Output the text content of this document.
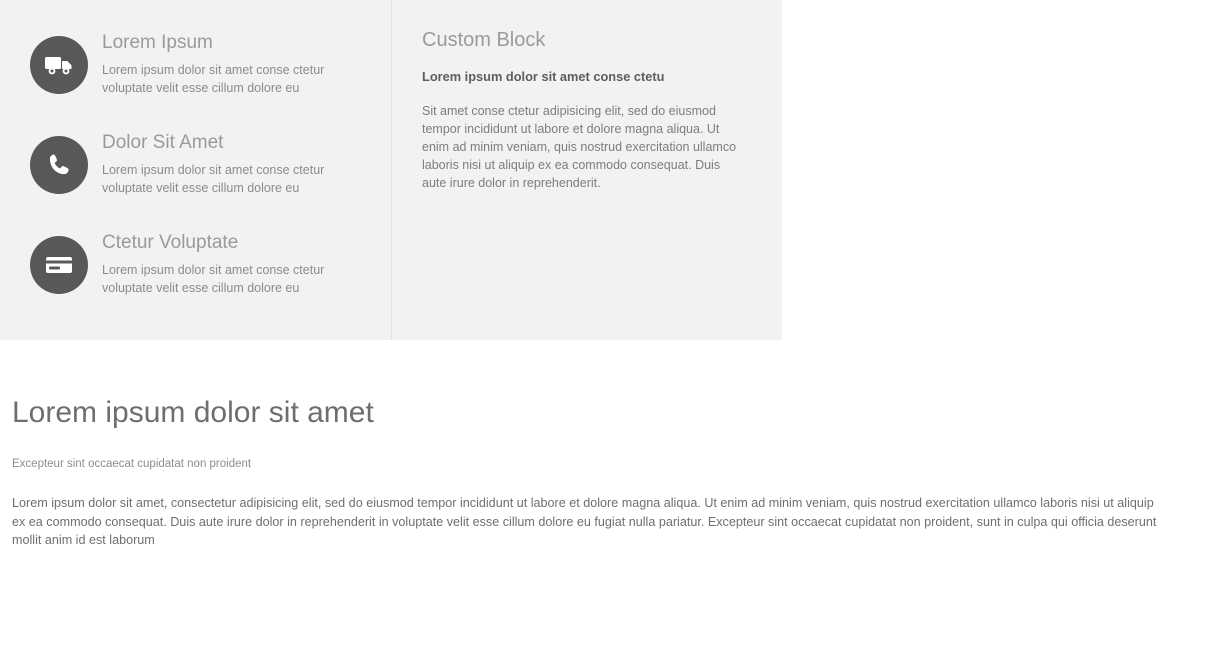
Lorem Ipsum

Lorem ipsum dolor sit amet conse ctetur voluptate velit esse cillum dolore eu

Dolor Sit Amet

Lorem ipsum dolor sit amet conse ctetur voluptate velit esse cillum dolore eu

Ctetur Voluptate

Lorem ipsum dolor sit amet conse ctetur voluptate velit esse cillum dolore eu

Custom Block

Lorem ipsum dolor sit amet conse ctetu

Sit amet conse ctetur adipisicing elit, sed do eiusmod tempor incididunt ut labore et dolore magna aliqua. Ut enim ad minim veniam, quis nostrud exercitation ullamco laboris nisi ut aliquip ex ea commodo consequat. Duis aute irure dolor in reprehenderit.

Lorem ipsum dolor sit amet

Excepteur sint occaecat cupidatat non proident

Lorem ipsum dolor sit amet, consectetur adipisicing elit, sed do eiusmod tempor incididunt ut labore et dolore magna aliqua. Ut enim ad minim veniam, quis nostrud exercitation ullamco laboris nisi ut aliquip ex ea commodo consequat. Duis aute irure dolor in reprehenderit in voluptate velit esse cillum dolore eu fugiat nulla pariatur. Excepteur sint occaecat cupidatat non proident, sunt in culpa qui officia deserunt mollit anim id est laborum
